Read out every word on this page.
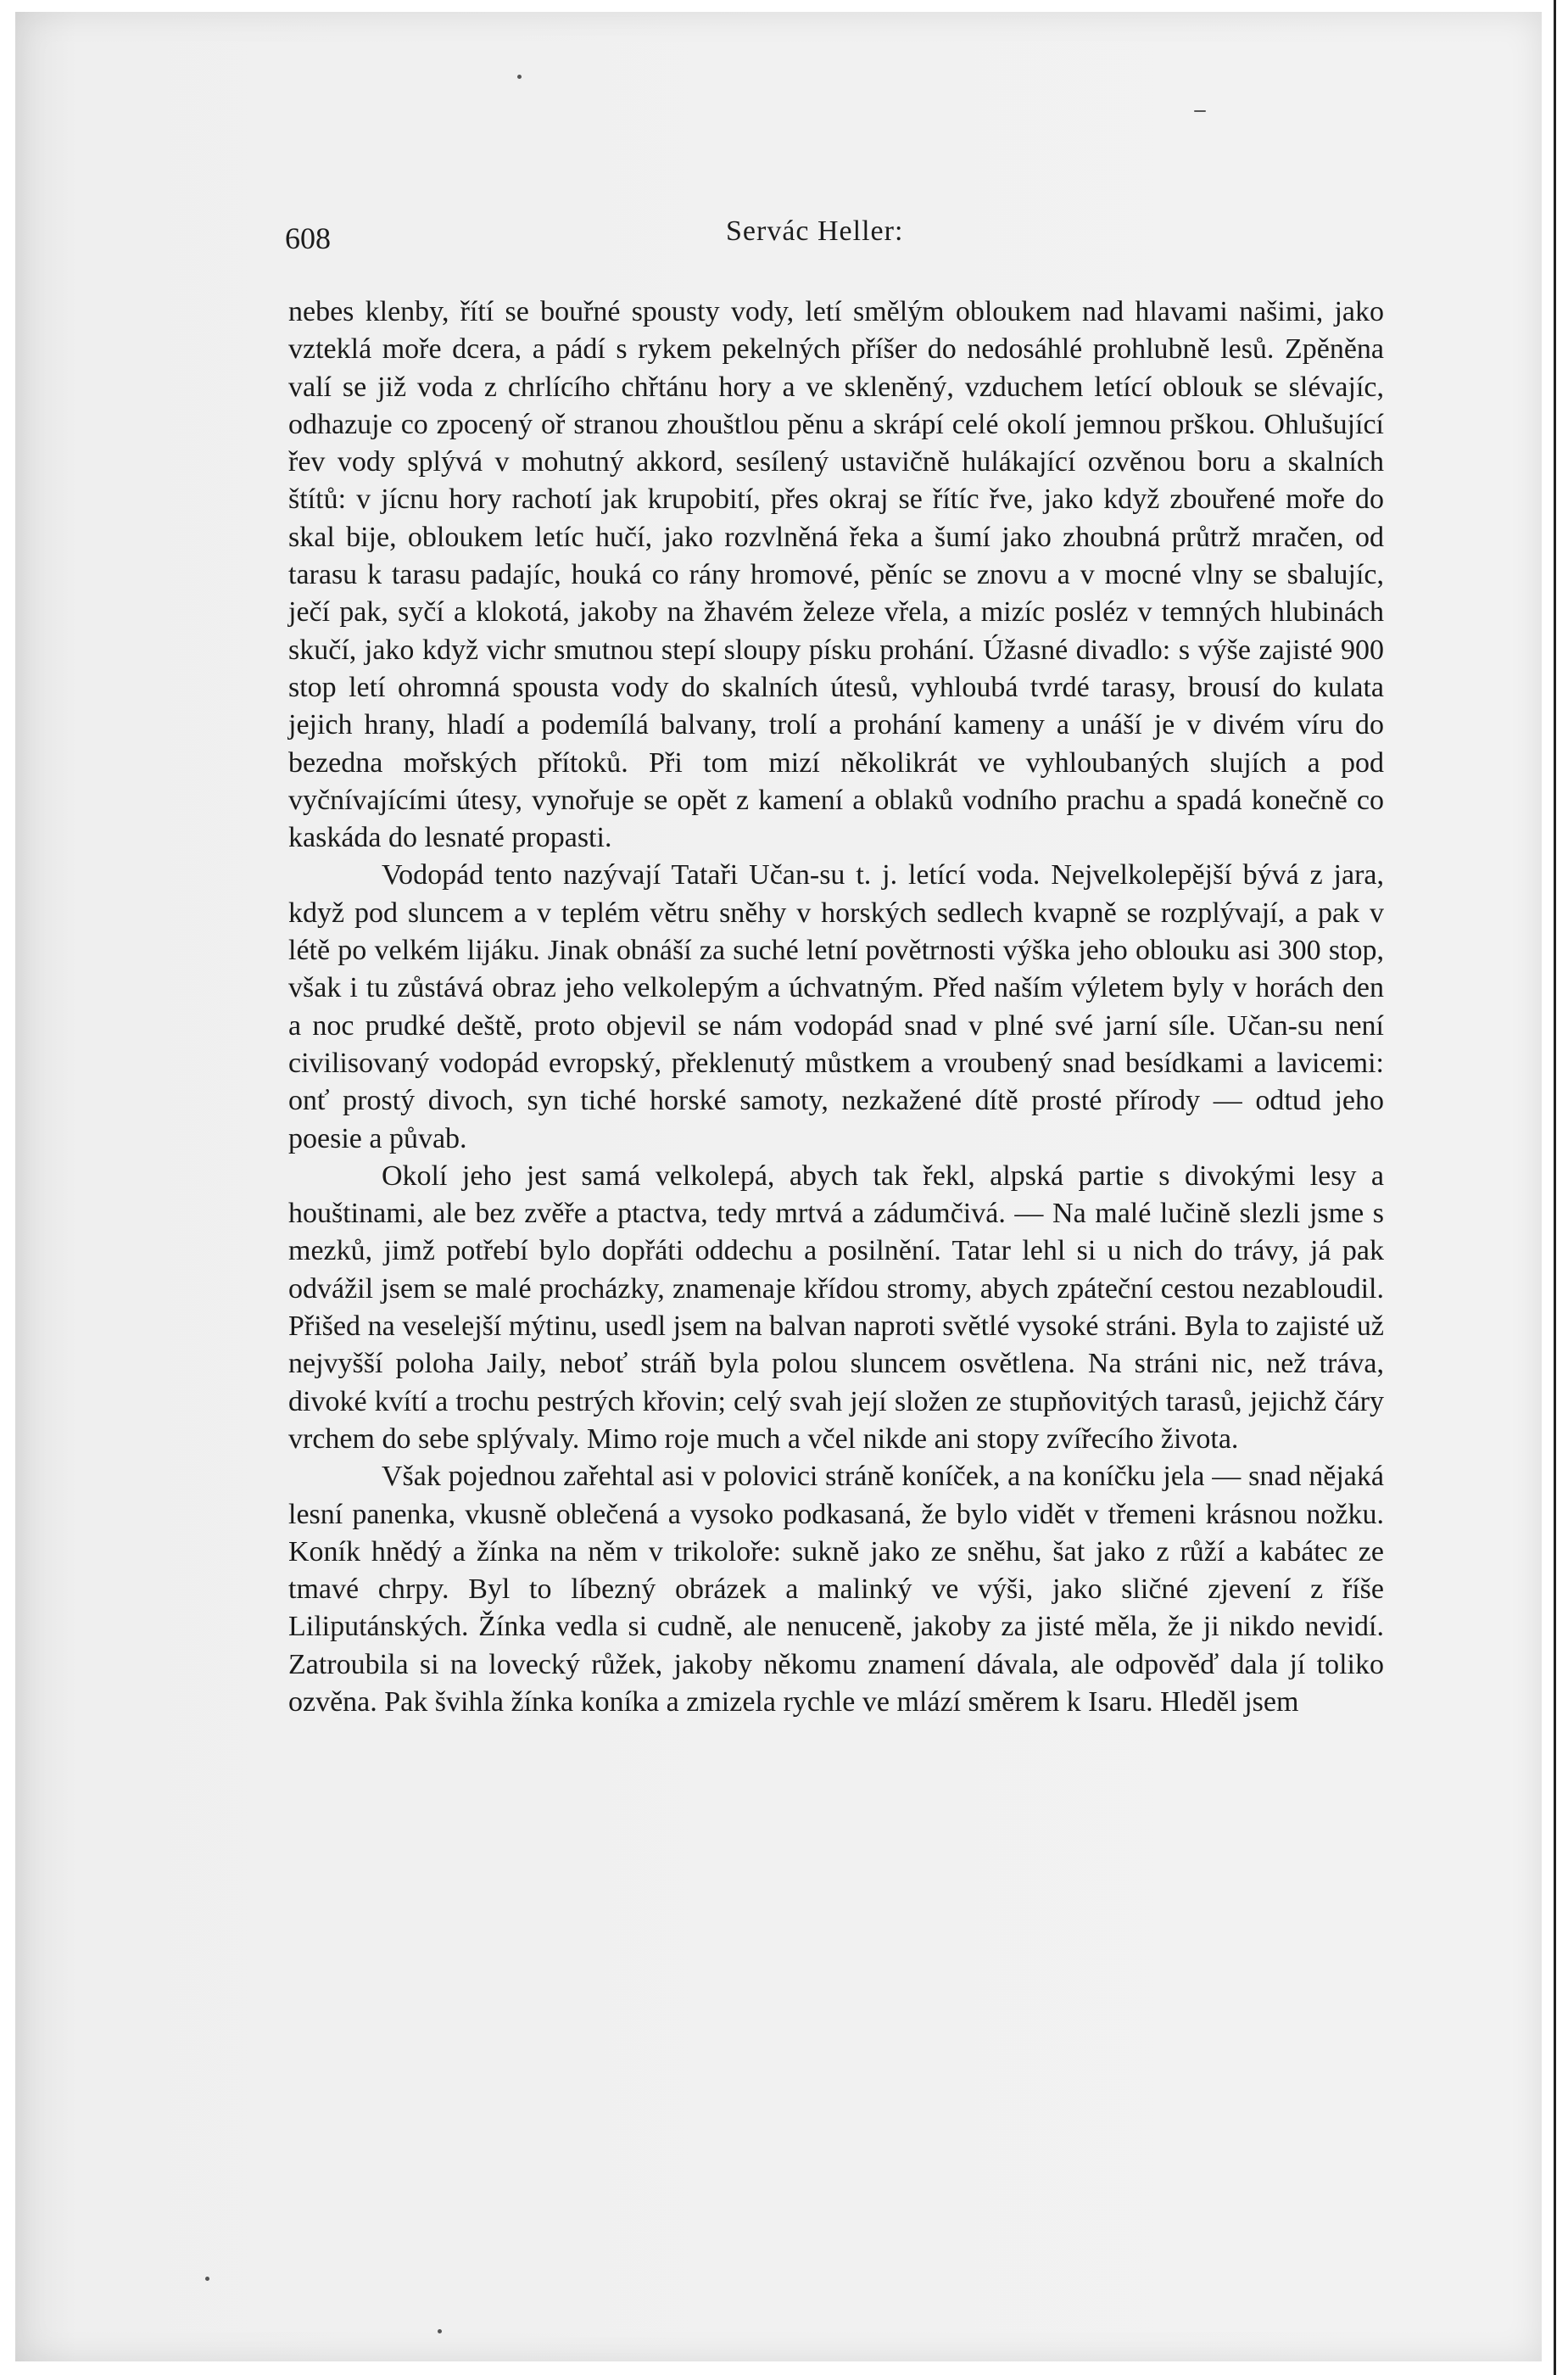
608	Servác Heller:

nebes klenby, řítí se bouřné spousty vody, letí smělým obloukem nad hlavami našimi, jako vzteklá moře dcera, a pádí s rykem pekelných příšer do nedosáhlé prohlubně lesů. Zpěněna valí se již voda z chrlícího chřtánu hory a ve skleněný, vzduchem letící oblouk se slévajíc, odhazuje co zpocený oř stranou zhouštlou pěnu a skrápí celé okolí jemnou prškou. Ohlušující řev vody splývá v mohutný akkord, sesílený ustavičně hulákající ozvěnou boru a skalních štítů: v jícnu hory rachotí jak krupobití, přes okraj se řítíc řve, jako když zbouřené moře do skal bije, obloukem letíc hučí, jako rozvlněná řeka a šumí jako zhoubná průtrž mračen, od tarasu k tarasu padajíc, houká co rány hromové, pěníc se znovu a v mocné vlny se sbalujíc, ječí pak, syčí a klokotá, jakoby na žhavém železe vřela, a mizíc posléz v temných hlubinách skučí, jako když vichr smutnou stepí sloupy písku prohání. Úžasné divadlo: s výše zajisté 900 stop letí ohromná spousta vody do skalních útesů, vyhloubá tvrdé tarasy, brousí do kulata jejich hrany, hladí a podemílá balvany, trolí a prohání kameny a unáší je v divém víru do bezedna mořských přítoků. Při tom mizí několikrát ve vyhloubaných slujích a pod vyčnívajícími útesy, vynořuje se opět z kamení a oblaků vodního prachu a spadá konečně co kaskáda do lesnaté propasti.

Vodopád tento nazývají Tataři Učan-su t. j. letící voda. Nejvelkolepější bývá z jara, když pod sluncem a v teplém větru sněhy v horských sedlech kvapně se rozplývají, a pak v létě po velkém lijáku. Jinak obnáší za suché letní povětrnosti výška jeho oblouku asi 300 stop, však i tu zůstává obraz jeho velkolepým a úchvatným. Před naším výletem byly v horách den a noc prudké deště, proto objevil se nám vodopád snad v plné své jarní síle. Učan-su není civilisovaný vodopád evropský, překlenutý můstkem a vroubený snad besídkami a lavicemi: onť prostý divoch, syn tiché horské samoty, nezkažené dítě prosté přírody — odtud jeho poesie a půvab.

Okolí jeho jest samá velkolepá, abych tak řekl, alpská partie s divokými lesy a houštinami, ale bez zvěře a ptactva, tedy mrtvá a zádumčivá. — Na malé lučině slezli jsme s mezků, jimž potřebí bylo dopřáti oddechu a posilnění. Tatar lehl si u nich do trávy, já pak odvážil jsem se malé procházky, znamenaje křídou stromy, abych zpáteční cestou nezabloudil. Přišed na veselejší mýtinu, usedl jsem na balvan naproti světlé vysoké stráni. Byla to zajisté už nejvyšší poloha Jaily, neboť stráň byla polou sluncem osvětlena. Na stráni nic, než tráva, divoké kvítí a trochu pestrých křovin; celý svah její složen ze stupňovitých tarasů, jejichž čáry vrchem do sebe splývaly. Mimo roje much a včel nikde ani stopy zvířecího života.

Však pojednou zařehtal asi v polovici stráně koníček, a na koníčku jela — snad nějaká lesní panenka, vkusně oblečená a vysoko podkasaná, že bylo vidět v třemeni krásnou nožku. Koník hnědý a žínka na něm v trikoloře: sukně jako ze sněhu, šat jako z růží a kabátec ze tmavé chrpy. Byl to líbezný obrázek a malinký ve výši, jako sličné zjevení z říše Liliputánských. Žínka vedla si cudně, ale nenuceně, jakoby za jisté měla, že ji nikdo nevidí. Zatroubila si na lovecký růžek, jakoby někomu znamení dávala, ale odpověď dala jí toliko ozvěna. Pak švihla žínka koníka a zmizela rychle ve mlází směrem k Isaru. Hleděl jsem
